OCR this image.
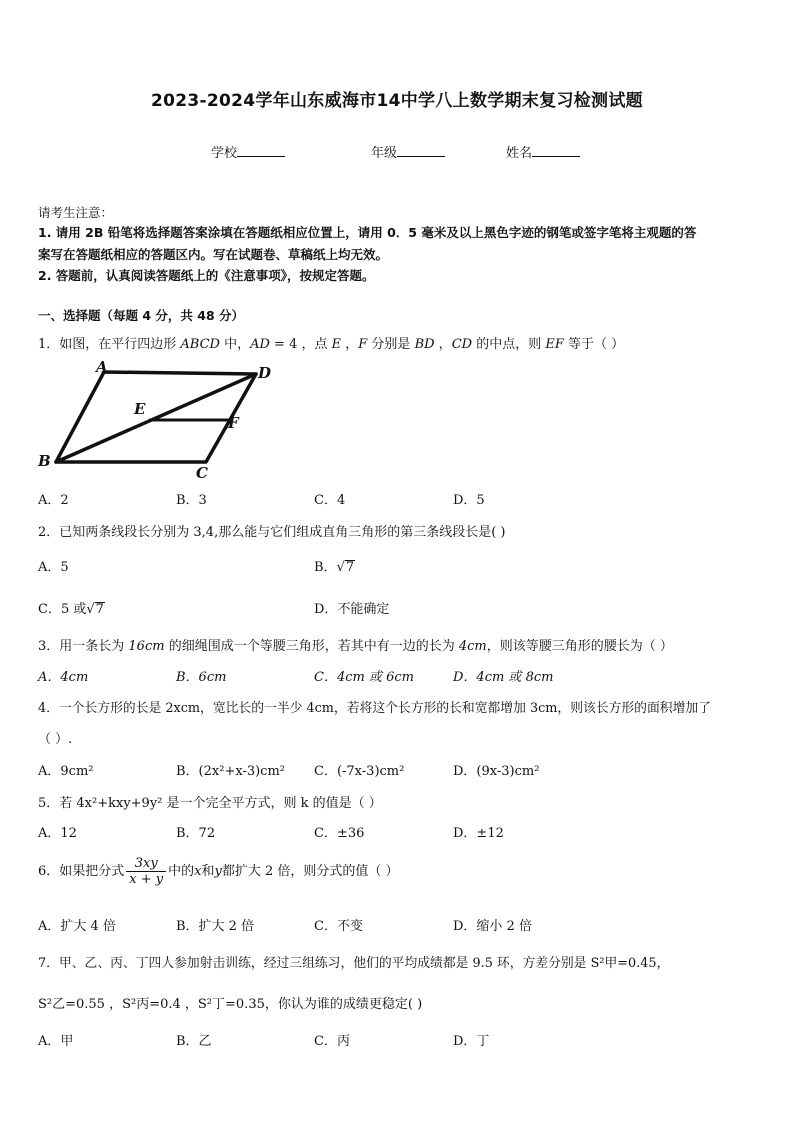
2023-2024学年山东威海市14中学八上数学期末复习检测试题
学校	年级	姓名
请考生注意：
1. 请用 2B 铅笔将选择题答案涂填在答题纸相应位置上，请用 0．5 毫米及以上黑色字迹的钢笔或签字笔将主观题的答
案写在答题纸相应的答题区内。写在试题卷、草稿纸上均无效。
2. 答题前，认真阅读答题纸上的《注意事项》，按规定答题。
一、选择题（每题 4 分，共 48 分）
1．如图，在平行四边形 ABCD 中，AD = 4 ，点 E ，F 分别是 BD ，CD 的中点，则 EF 等于（ ）
A	D
E
F
B
C
A．2	B．3	C．4	D．5
2．已知两条线段长分别为 3,4,那么能与它们组成直角三角形的第三条线段长是( )
A．5	B．√7
C．5 或√7	D．不能确定
3．用一条长为 16cm 的细绳围成一个等腰三角形，若其中有一边的长为 4cm，则该等腰三角形的腰长为（ ）
A．4cm	B．6cm	C．4cm 或 6cm	D．4cm 或 8cm
4．一个长方形的长是 2xcm，宽比长的一半少 4cm，若将这个长方形的长和宽都增加 3cm，则该长方形的面积增加了
（ ）.
A．9cm²	B．(2x²+x-3)cm² C．(-7x-3)cm²	D．(9x-3)cm²
5．若 4x²+kxy+9y² 是一个完全平方式，则 k 的值是（ ）
A．12	B．72	C．±36	D．±12
6．如果把分式 $\frac{3xy}{x + y}$ 中的x和y都扩大 2 倍，则分式的值（ ）
A．扩大 4 倍	B．扩大 2 倍	C．不变	D．缩小 2 倍
7．甲、乙、丙、丁四人参加射击训练，经过三组练习，他们的平均成绩都是 9.5 环，方差分别是 S²甲=0.45，
S²乙=0.55 ，S²丙=0.4 ，S²丁=0.35，你认为谁的成绩更稳定( )
A．甲	B．乙	C．丙	D．丁
